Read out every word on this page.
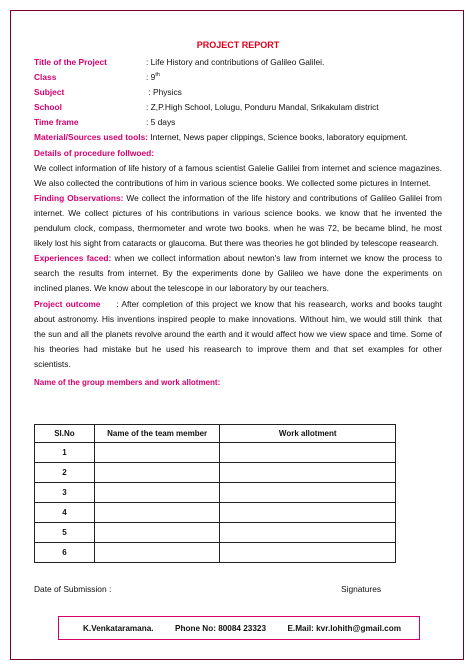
PROJECT REPORT
Title of the Project	: Life History and contributions of Galileo Galilei.
Class	: 9th
Subject	: Physics
School	: Z,P.High School, Lolugu, Ponduru Mandal, Srikakulam district
Time frame	: 5 days
Material/Sources used tools: Internet, News paper clippings, Science books, laboratory equipment.
Details of procedure follwoed:
We collect information of life history of a famous scientist Galelie Galilei from internet and science magazines. We also collected the contributions of him in various science books. We collected some pictures in Internet.
Finding Observations: We collect the information of the life history and contributions of Galileo Galilei from internet. We collect pictures of his contributions in various science books. we know that he invented the pendulum clock, compass, thermometer and wrote two books. when he was 72, be became blind, he most likely lost his sight from cataracts or glaucoma. But there was theories he got blinded by telescope reasearch.
Experiences faced: when we collect information about newton's law from internet we know the process to search the results from internet. By the experiments done by Galileo we have done the experiments on inclined planes. We know about the telescope in our laboratory by our teachers.
Project outcome     : After completion of this project we know that his reasearch, works and books taught about astronomy. His inventions inspired people to make innovations. Without him, we would still think  that the sun and all the planets revolve around the earth and it would affect how we view space and time. Some of his theories had mistake but he used his reasearch to improve them and that set examples for other scientists.
Name of the group members and work allotment:
Sl.No	Name of the team member	Work allotment
1		
2		
3		
4		
5		
6		
Date of Submission :	Signatures
K.Venkataramana.	Phone No: 80084 23323	E.Mail: kvr.lohith@gmail.com
